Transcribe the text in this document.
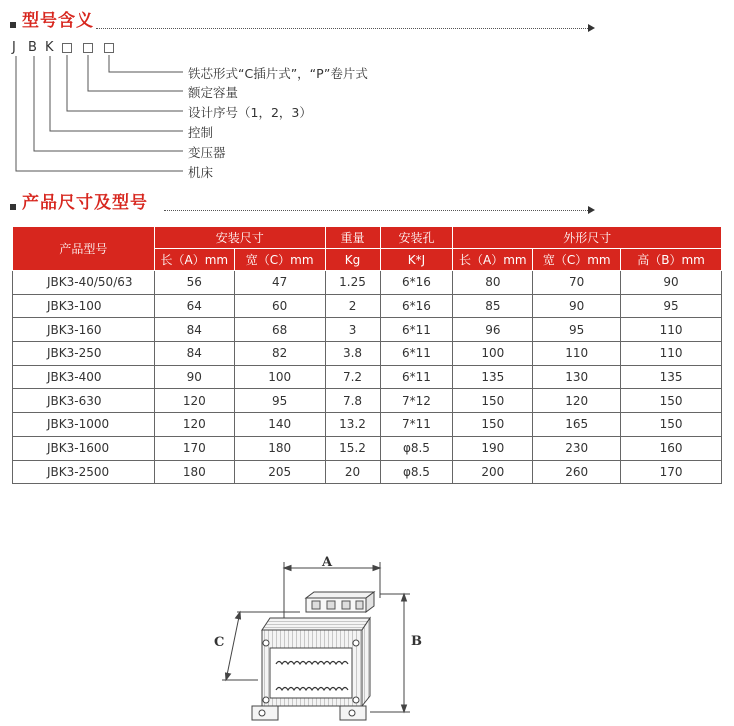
型号含义
J B K
铁芯形式“C插片式”，“P”卷片式
额定容量
设计序号（1，2，3）
控制
变压器
机床
产品尺寸及型号
产品型号	安装尺寸		重量	安装孔	外形尺寸		
	长（A）mm	宽（C）mm	Kg	K*J	长（A）mm	宽（C）mm	高（B）mm
JBK3-40/50/63	56	47	1.25	6*16	80	70	90
JBK3-100	64	60	2	6*16	85	90	95
JBK3-160	84	68	3	6*11	96	95	110
JBK3-250	84	82	3.8	6*11	100	110	110
JBK3-400	90	100	7.2	6*11	135	130	135
JBK3-630	120	95	7.8	7*12	150	120	150
JBK3-1000	120	140	13.2	7*11	150	165	150
JBK3-1600	170	180	15.2	φ8.5	190	230	160
JBK3-2500	180	205	20	φ8.5	200	260	170
A
B
C
